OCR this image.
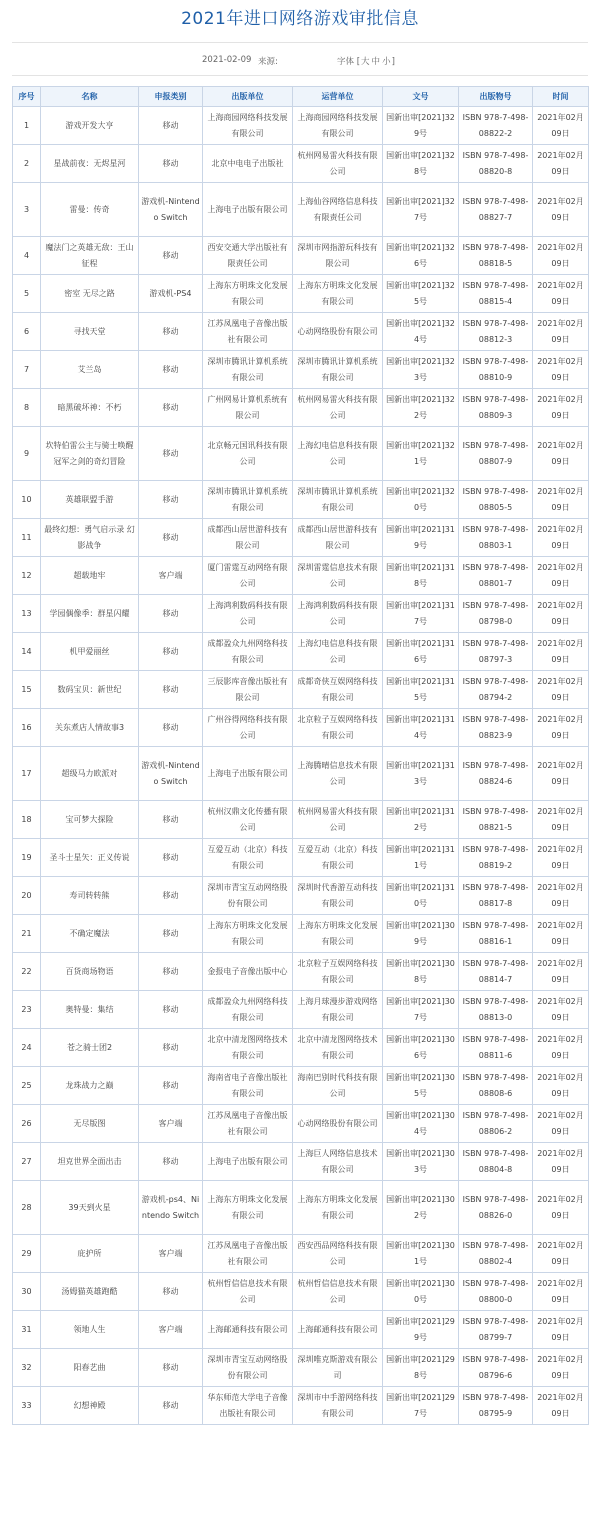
2021年进口网络游戏审批信息
2021-02-09 来源:	字体 [大 中 小]
序号	名称	申报类别	出版单位	运营单位	文号	出版物号	时间
1	游戏开发大亨	移动	上海商园网络科技发展有限公司	上海商园网络科技发展有限公司	国新出审[2021]329号	ISBN 978-7-498-08822-2	2021年02月09日
2	星战前夜：无烬星河	移动	北京中电电子出版社	杭州网易雷火科技有限公司	国新出审[2021]328号	ISBN 978-7-498-08820-8	2021年02月09日
3	雷曼：传奇	游戏机-Nintendo Switch	上海电子出版有限公司	上海仙谷网络信息科技有限责任公司	国新出审[2021]327号	ISBN 978-7-498-08827-7	2021年02月09日
4	魔法门之英雄无敌：王山征程	移动	西安交通大学出版社有限责任公司	深圳市网指游玩科技有限公司	国新出审[2021]326号	ISBN 978-7-498-08818-5	2021年02月09日
5	密室 无尽之路	游戏机-PS4	上海东方明珠文化发展有限公司	上海东方明珠文化发展有限公司	国新出审[2021]325号	ISBN 978-7-498-08815-4	2021年02月09日
6	寻找天堂	移动	江苏凤凰电子音像出版社有限公司	心动网络股份有限公司	国新出审[2021]324号	ISBN 978-7-498-08812-3	2021年02月09日
7	艾兰岛	移动	深圳市腾讯计算机系统有限公司	深圳市腾讯计算机系统有限公司	国新出审[2021]323号	ISBN 978-7-498-08810-9	2021年02月09日
8	暗黑破坏神：不朽	移动	广州网易计算机系统有限公司	杭州网易雷火科技有限公司	国新出审[2021]322号	ISBN 978-7-498-08809-3	2021年02月09日
9	坎特伯雷公主与骑士唤醒冠军之剑的奇幻冒险	移动	北京畅元国讯科技有限公司	上海幻电信息科技有限公司	国新出审[2021]321号	ISBN 978-7-498-08807-9	2021年02月09日
10	英雄联盟手游	移动	深圳市腾讯计算机系统有限公司	深圳市腾讯计算机系统有限公司	国新出审[2021]320号	ISBN 978-7-498-08805-5	2021年02月09日
11	最终幻想：勇气启示录 幻影战争	移动	成都西山居世游科技有限公司	成都西山居世游科技有限公司	国新出审[2021]319号	ISBN 978-7-498-08803-1	2021年02月09日
12	超载地牢	客户端	厦门雷霆互动网络有限公司	深圳雷霆信息技术有限公司	国新出审[2021]318号	ISBN 978-7-498-08801-7	2021年02月09日
13	学园偶像季：群星闪耀	移动	上海鸿利数码科技有限公司	上海鸿利数码科技有限公司	国新出审[2021]317号	ISBN 978-7-498-08798-0	2021年02月09日
14	机甲爱丽丝	移动	成都盈众九州网络科技有限公司	上海幻电信息科技有限公司	国新出审[2021]316号	ISBN 978-7-498-08797-3	2021年02月09日
15	数码宝贝：新世纪	移动	三辰影库音像出版社有限公司	成都奇侠互娱网络科技有限公司	国新出审[2021]315号	ISBN 978-7-498-08794-2	2021年02月09日
16	关东煮店人情故事3	移动	广州谷得网络科技有限公司	北京粒子互娱网络科技有限公司	国新出审[2021]314号	ISBN 978-7-498-08823-9	2021年02月09日
17	超级马力欧派对	游戏机-Nintendo Switch	上海电子出版有限公司	上海腾晴信息技术有限公司	国新出审[2021]313号	ISBN 978-7-498-08824-6	2021年02月09日
18	宝可梦大探险	移动	杭州汉鼎文化传播有限公司	杭州网易雷火科技有限公司	国新出审[2021]312号	ISBN 978-7-498-08821-5	2021年02月09日
19	圣斗士星矢：正义传说	移动	互爱互动（北京）科技有限公司	互爱互动（北京）科技有限公司	国新出审[2021]311号	ISBN 978-7-498-08819-2	2021年02月09日
20	寿司转转熊	移动	深圳市青宝互动网络股份有限公司	深圳时代香游互动科技有限公司	国新出审[2021]310号	ISBN 978-7-498-08817-8	2021年02月09日
21	不确定魔法	移动	上海东方明珠文化发展有限公司	上海东方明珠文化发展有限公司	国新出审[2021]309号	ISBN 978-7-498-08816-1	2021年02月09日
22	百货商场物语	移动	金报电子音像出版中心	北京粒子互娱网络科技有限公司	国新出审[2021]308号	ISBN 978-7-498-08814-7	2021年02月09日
23	奥特曼：集结	移动	成都盈众九州网络科技有限公司	上海月球漫步游戏网络有限公司	国新出审[2021]307号	ISBN 978-7-498-08813-0	2021年02月09日
24	苍之骑士团2	移动	北京中清龙图网络技术有限公司	北京中清龙图网络技术有限公司	国新出审[2021]306号	ISBN 978-7-498-08811-6	2021年02月09日
25	龙珠战力之巅	移动	海南省电子音像出版社有限公司	海南巴别时代科技有限公司	国新出审[2021]305号	ISBN 978-7-498-08808-6	2021年02月09日
26	无尽版图	客户端	江苏凤凰电子音像出版社有限公司	心动网络股份有限公司	国新出审[2021]304号	ISBN 978-7-498-08806-2	2021年02月09日
27	坦克世界全面出击	移动	上海电子出版有限公司	上海巨人网络信息技术有限公司	国新出审[2021]303号	ISBN 978-7-498-08804-8	2021年02月09日
28	39天到火星	游戏机-ps4、Nintendo Switch	上海东方明珠文化发展有限公司	上海东方明珠文化发展有限公司	国新出审[2021]302号	ISBN 978-7-498-08826-0	2021年02月09日
29	庇护所	客户端	江苏凤凰电子音像出版社有限公司	西安西品网络科技有限公司	国新出审[2021]301号	ISBN 978-7-498-08802-4	2021年02月09日
30	汤姆猫英雄跑酷	移动	杭州哲信信息技术有限公司	杭州哲信信息技术有限公司	国新出审[2021]300号	ISBN 978-7-498-08800-0	2021年02月09日
31	领地人生	客户端	上海邮通科技有限公司	上海邮通科技有限公司	国新出审[2021]299号	ISBN 978-7-498-08799-7	2021年02月09日
32	阳春艺曲	移动	深圳市青宝互动网络股份有限公司	深圳唯克斯游戏有限公司	国新出审[2021]298号	ISBN 978-7-498-08796-6	2021年02月09日
33	幻想神殿	移动	华东师范大学电子音像出版社有限公司	深圳市中手游网络科技有限公司	国新出审[2021]297号	ISBN 978-7-498-08795-9	2021年02月09日
